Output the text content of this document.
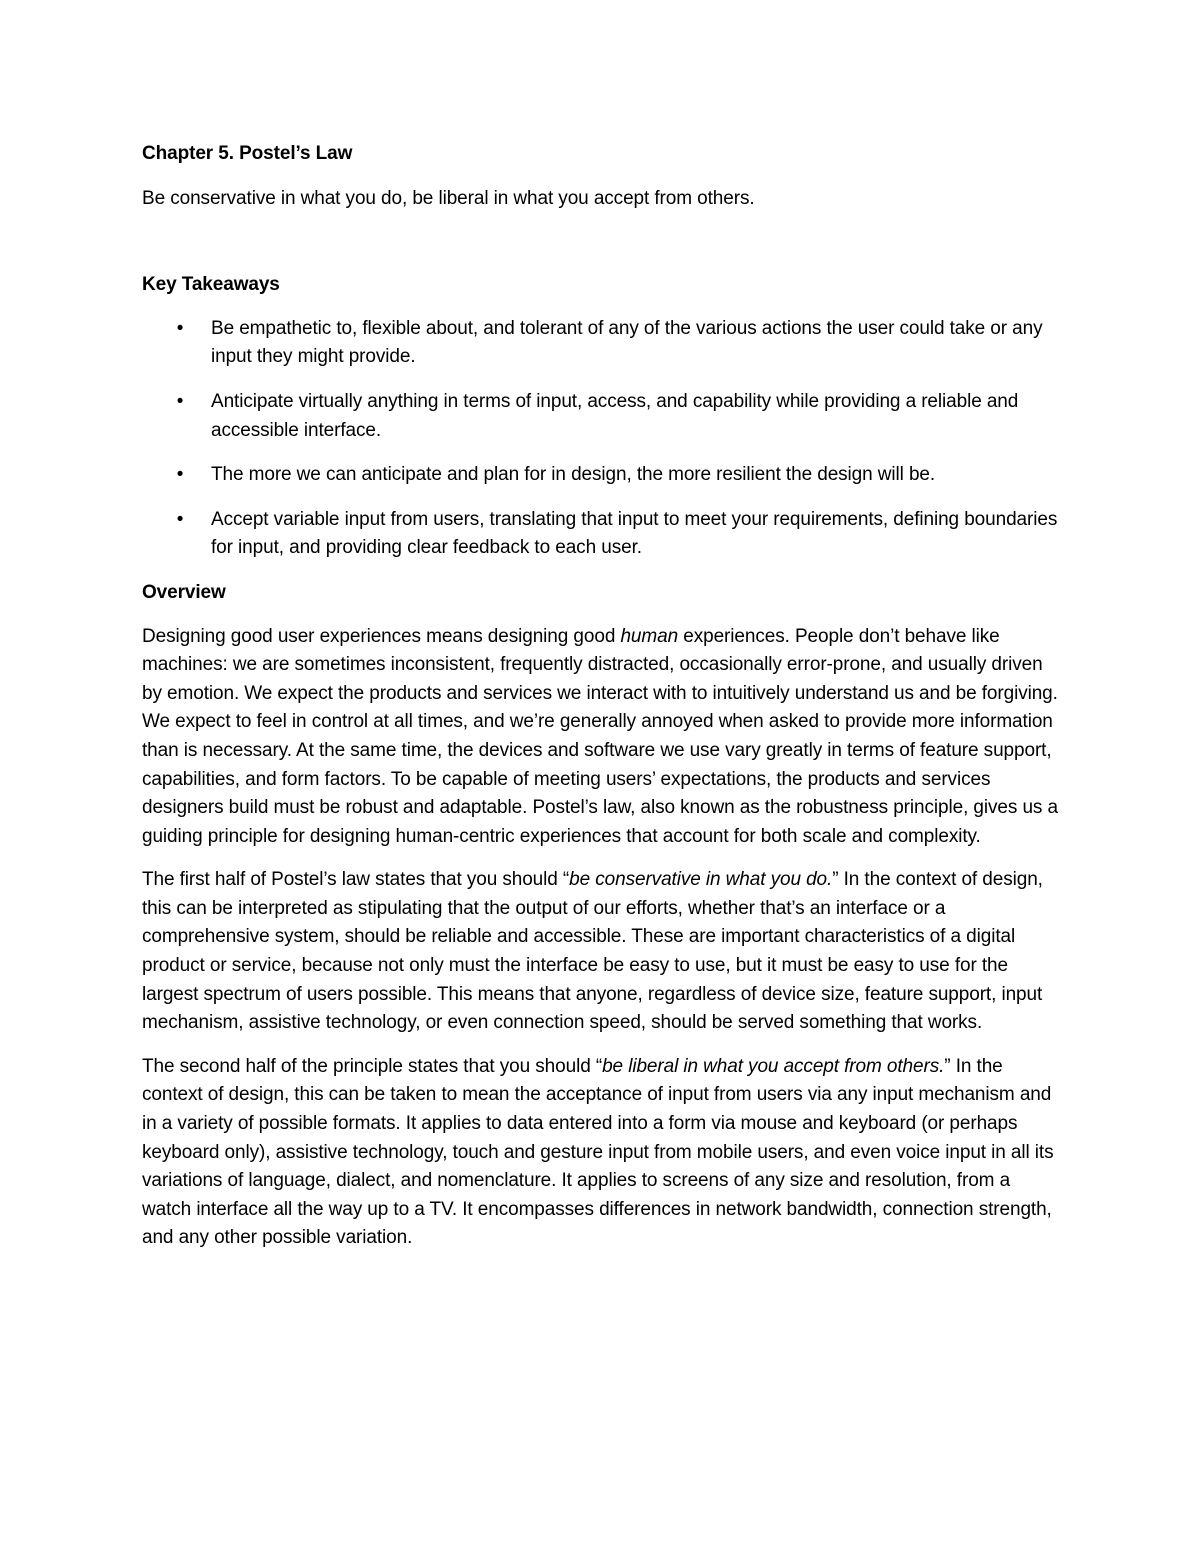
Chapter 5. Postel’s Law

Be conservative in what you do, be liberal in what you accept from others.

Key Takeaways

• Be empathetic to, flexible about, and tolerant of any of the various actions the user could take or any input they might provide.
• Anticipate virtually anything in terms of input, access, and capability while providing a reliable and accessible interface.
• The more we can anticipate and plan for in design, the more resilient the design will be.
• Accept variable input from users, translating that input to meet your requirements, defining boundaries for input, and providing clear feedback to each user.

Overview

Designing good user experiences means designing good human experiences. People don’t behave like machines: we are sometimes inconsistent, frequently distracted, occasionally error-prone, and usually driven by emotion. We expect the products and services we interact with to intuitively understand us and be forgiving. We expect to feel in control at all times, and we’re generally annoyed when asked to provide more information than is necessary. At the same time, the devices and software we use vary greatly in terms of feature support, capabilities, and form factors. To be capable of meeting users’ expectations, the products and services designers build must be robust and adaptable. Postel’s law, also known as the robustness principle, gives us a guiding principle for designing human-centric experiences that account for both scale and complexity.

The first half of Postel’s law states that you should “be conservative in what you do.” In the context of design, this can be interpreted as stipulating that the output of our efforts, whether that’s an interface or a comprehensive system, should be reliable and accessible. These are important characteristics of a digital product or service, because not only must the interface be easy to use, but it must be easy to use for the largest spectrum of users possible. This means that anyone, regardless of device size, feature support, input mechanism, assistive technology, or even connection speed, should be served something that works.

The second half of the principle states that you should “be liberal in what you accept from others.” In the context of design, this can be taken to mean the acceptance of input from users via any input mechanism and in a variety of possible formats. It applies to data entered into a form via mouse and keyboard (or perhaps keyboard only), assistive technology, touch and gesture input from mobile users, and even voice input in all its variations of language, dialect, and nomenclature. It applies to screens of any size and resolution, from a watch interface all the way up to a TV. It encompasses differences in network bandwidth, connection strength, and any other possible variation.
